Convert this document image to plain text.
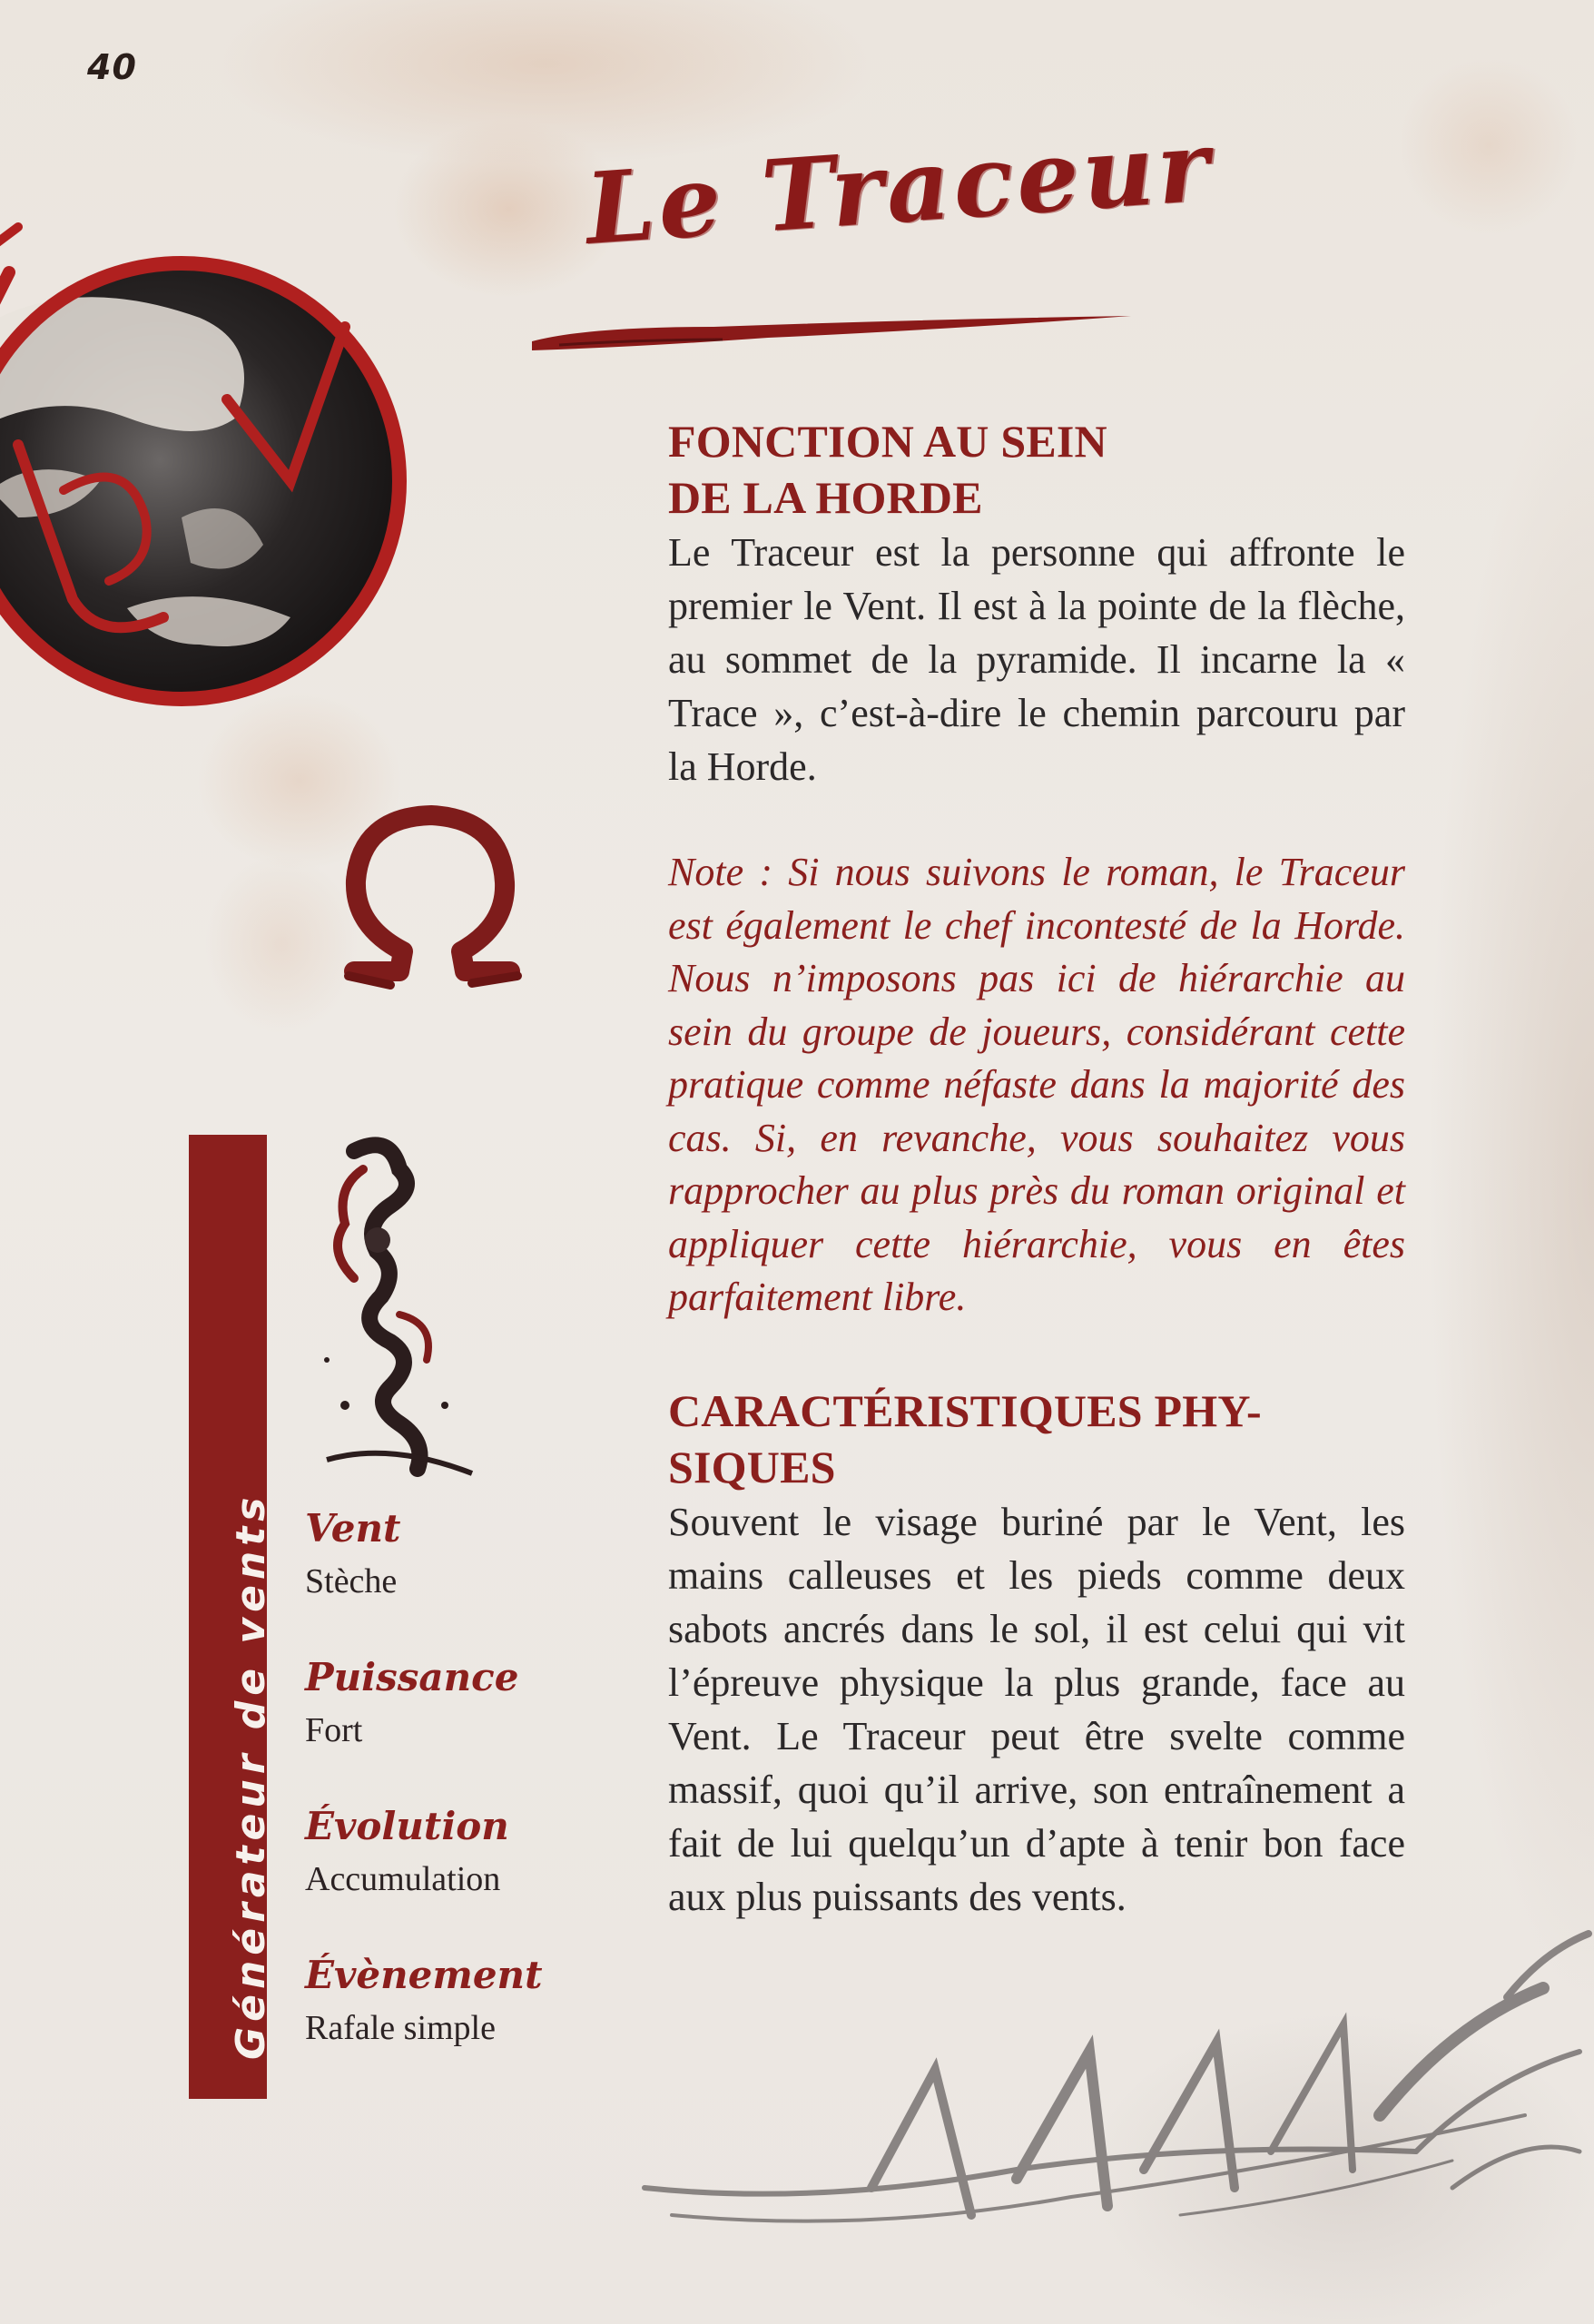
40
Le Traceur
Générateur de vents Vent
Stèche
Puissance
Fort
Évolution
Accumulation
Évènement
Rafale simple
FONCTION AU SEIN
DE LA HORDE

Le Traceur est la personne qui affronte le premier le Vent. Il est à la pointe de la flèche, au sommet de la pyramide. Il incarne la « Trace », c’est-à-dire le chemin parcouru par la Horde.

Note : Si nous suivons le roman, le Traceur est également le chef incontesté de la Horde. Nous n’imposons pas ici de hiérarchie au sein du groupe de joueurs, considérant cette pratique comme néfaste dans la majorité des cas. Si, en revanche, vous souhaitez vous rapprocher au plus près du roman original et appliquer cette hiérarchie, vous en êtes parfaitement libre.

CARACTÉRISTIQUES PHY-
SIQUES

Souvent le visage buriné par le Vent, les mains calleuses et les pieds comme deux sabots ancrés dans le sol, il est celui qui vit l’épreuve physique la plus grande, face au Vent. Le Traceur peut être svelte comme massif, quoi qu’il arrive, son entraînement a fait de lui quelqu’un d’apte à tenir bon face aux plus puissants des vents.
